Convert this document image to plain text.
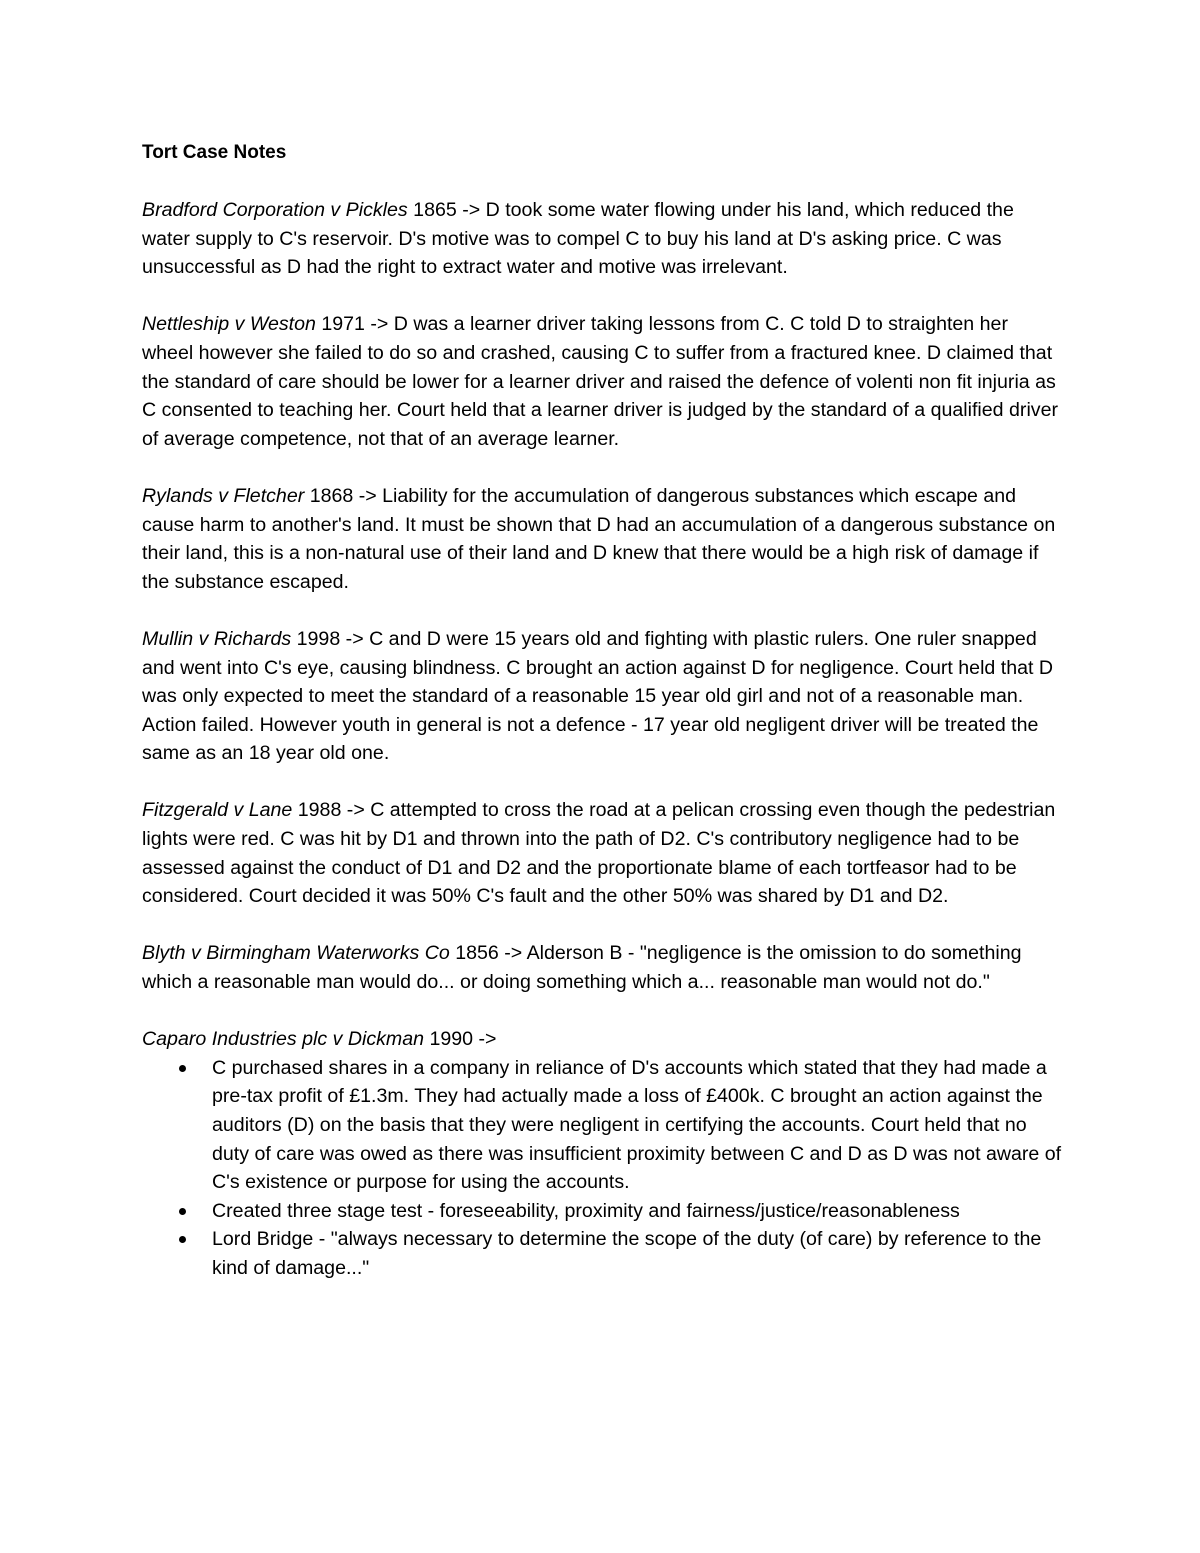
Tort Case Notes

Bradford Corporation v Pickles 1865 -> D took some water flowing under his land, which reduced the water supply to C's reservoir. D's motive was to compel C to buy his land at D's asking price. C was unsuccessful as D had the right to extract water and motive was irrelevant.

Nettleship v Weston 1971 -> D was a learner driver taking lessons from C. C told D to straighten her wheel however she failed to do so and crashed, causing C to suffer from a fractured knee. D claimed that the standard of care should be lower for a learner driver and raised the defence of volenti non fit injuria as C consented to teaching her. Court held that a learner driver is judged by the standard of a qualified driver of average competence, not that of an average learner.

Rylands v Fletcher 1868 -> Liability for the accumulation of dangerous substances which escape and cause harm to another's land. It must be shown that D had an accumulation of a dangerous substance on their land, this is a non-natural use of their land and D knew that there would be a high risk of damage if the substance escaped.

Mullin v Richards 1998 -> C and D were 15 years old and fighting with plastic rulers. One ruler snapped and went into C's eye, causing blindness. C brought an action against D for negligence. Court held that D was only expected to meet the standard of a reasonable 15 year old girl and not of a reasonable man. Action failed. However youth in general is not a defence - 17 year old negligent driver will be treated the same as an 18 year old one.

Fitzgerald v Lane 1988 -> C attempted to cross the road at a pelican crossing even though the pedestrian lights were red. C was hit by D1 and thrown into the path of D2. C's contributory negligence had to be assessed against the conduct of D1 and D2 and the proportionate blame of each tortfeasor had to be considered. Court decided it was 50% C's fault and the other 50% was shared by D1 and D2.

Blyth v Birmingham Waterworks Co 1856 -> Alderson B - "negligence is the omission to do something which a reasonable man would do... or doing something which a... reasonable man would not do."

Caparo Industries plc v Dickman 1990 ->

C purchased shares in a company in reliance of D's accounts which stated that they had made a pre-tax profit of £1.3m. They had actually made a loss of £400k. C brought an action against the auditors (D) on the basis that they were negligent in certifying the accounts. Court held that no duty of care was owed as there was insufficient proximity between C and D as D was not aware of C's existence or purpose for using the accounts.
Created three stage test - foreseeability, proximity and fairness/justice/reasonableness
Lord Bridge - "always necessary to determine the scope of the duty (of care) by reference to the kind of damage..."
